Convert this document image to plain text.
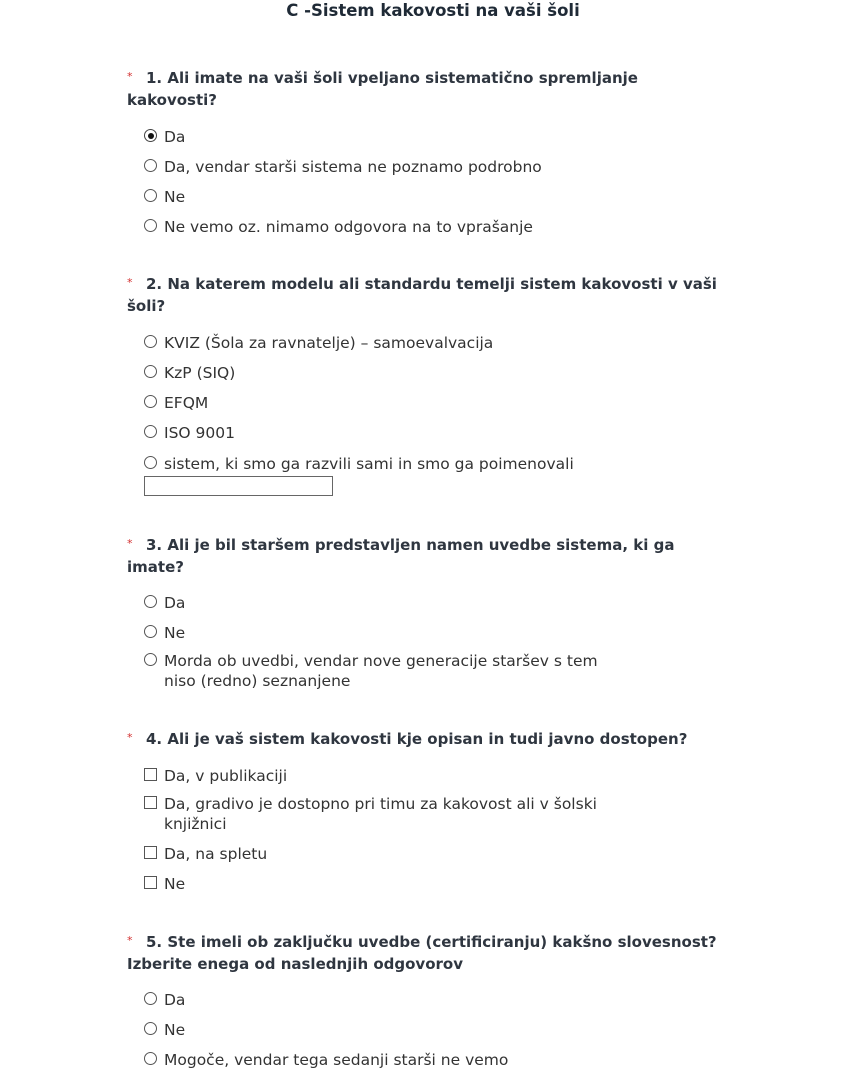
C -Sistem kakovosti na vaši šoli

* 1. Ali imate na vaši šoli vpeljano sistematično spremljanje kakovosti?

Da
Da, vendar starši sistema ne poznamo podrobno
Ne
Ne vemo oz. nimamo odgovora na to vprašanje

* 2. Na katerem modelu ali standardu temelji sistem kakovosti v vaši šoli?

KVIZ (Šola za ravnatelje) – samoevalvacija
KzP (SIQ)
EFQM
ISO 9001
sistem, ki smo ga razvili sami in smo ga poimenovali

* 3. Ali je bil staršem predstavljen namen uvedbe sistema, ki ga imate?

Da
Ne
Morda ob uvedbi, vendar nove generacije staršev s tem niso (redno) seznanjene

* 4. Ali je vaš sistem kakovosti kje opisan in tudi javno dostopen?

Da, v publikaciji
Da, gradivo je dostopno pri timu za kakovost ali v šolski knjižnici
Da, na spletu
Ne

* 5. Ste imeli ob zaključku uvedbe (certificiranju) kakšno slovesnost? Izberite enega od naslednjih odgovorov

Da
Ne
Mogoče, vendar tega sedanji starši ne vemo
